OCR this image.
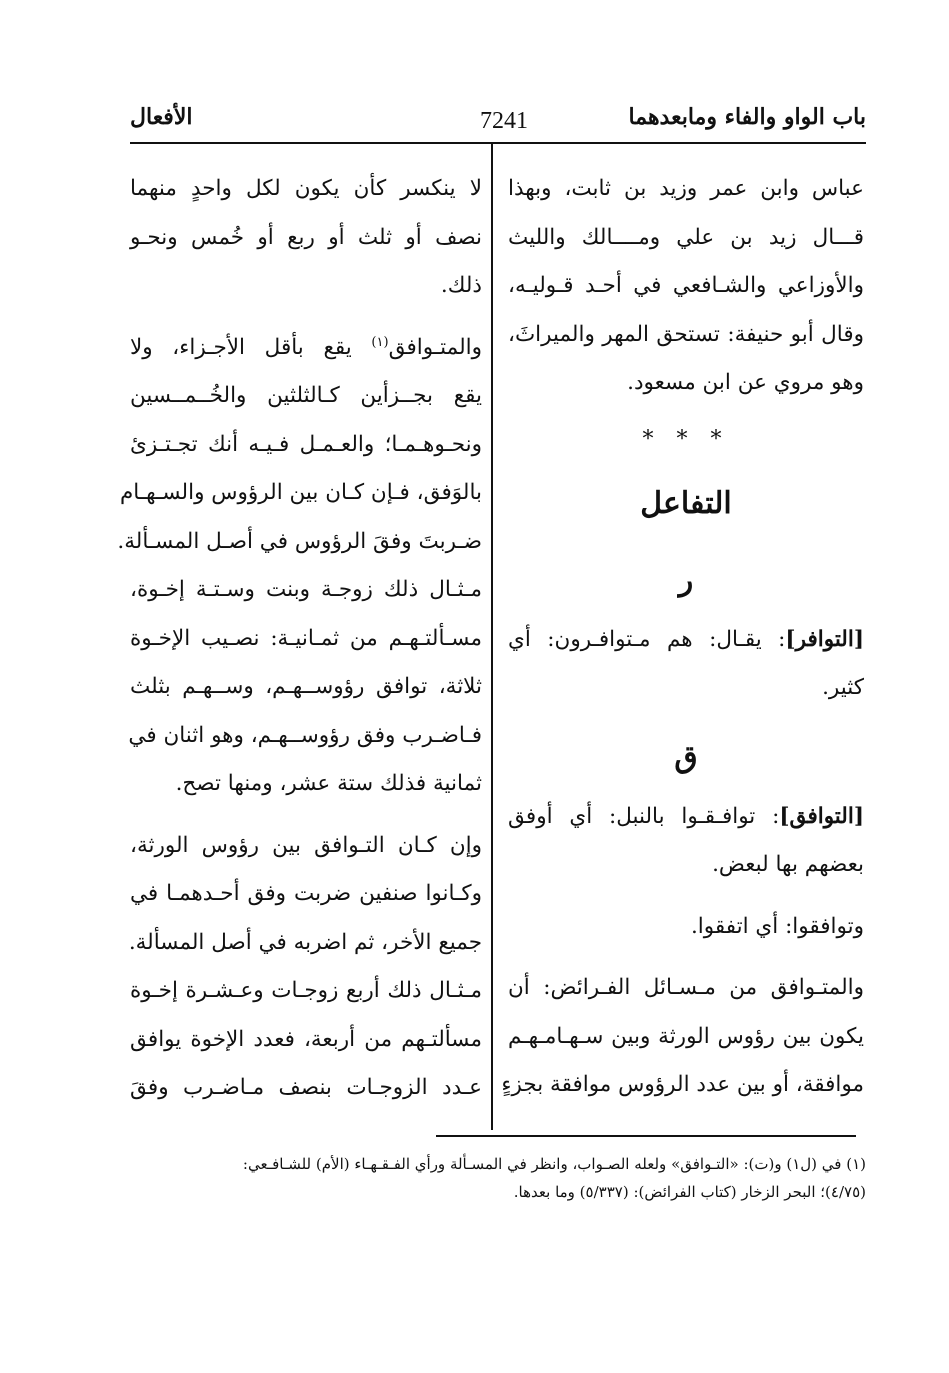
باب الواو والفاء ومابعدهما
7241
الأفعال

عباس وابن عمر وزيد بن ثابت، وبهذا
قـــال زيد بن علي ومــــالك والليث
والأوزاعي والشـافعي في أحـد قـوليـه،
وقال أبو حنيفة: تستحق المهر والميراثَ،
وهو مروي عن ابن مسعود.

* * *
التفاعل
ر

[التوافر]: يقـال: هم مـتوافـرون: أي
كثير.

ق

[التوافق]: توافـقـوا بالنبل: أي أوفق
بعضهم بها لبعض.

وتوافقوا: أي اتفقوا.

والمتـوافق من مـسـائل الفـرائض: أن
يكون بين رؤوس الورثة وبين سـهـامـهـم
موافقة، أو بين عدد الرؤوس موافقة بجزءٍ

لا ينكسر كأن يكون لكل واحدٍ منهما
نصف أو ثلث أو ربع أو خُمس ونحـو
ذلك.

والمتـوافق$^{(١)}$ يقع بأقل الأجـزاء، ولا
يقع بجــزأين كـالثلثين والخُــمــسين
ونحـوهـمـا؛ والعـمـل فـيـه أنك تجـتـزئ
بالوَفق، فـإن كـان بين الرؤوس والسـهـام
ضـربتَ وفقَ الرؤوس في أصـل المسـألة.
مـثـال ذلك زوجـة وبنت وسـتـة إخـوة،
مسـألتـهـم من ثمـانيـة: نصـيب الإخـوة
ثلاثة، توافق رؤوســهـم، وســهـم بثلث
فـاضـرب وفق رؤوســهـم، وهو اثنان في
ثمانية فذلك ستة عشر، ومنها تصح.

وإن كـان التـوافق بين رؤوس الورثة،
وكـانوا صنفين ضربت وفق أحـدهمـا في
جميع الأخر، ثم اضربه في أصل المسألة.
مـثـال ذلك أربع زوجـات وعـشـرة إخـوة
مسألتـهم من أربعة، فعدد الإخوة يوافق
عـدد الزوجـات بنصف مـاضـرب وفقَ

(١) في (ل١) و(ت): «التـوافق» ولعله الصـواب، وانظر في المسـألة ورأي الفـقـهـاء (الأم) للشـافـعي:

(٤/٧٥)؛ البحر الزخار (كتاب الفرائض): (٥/٣٣٧) وما بعدها.
